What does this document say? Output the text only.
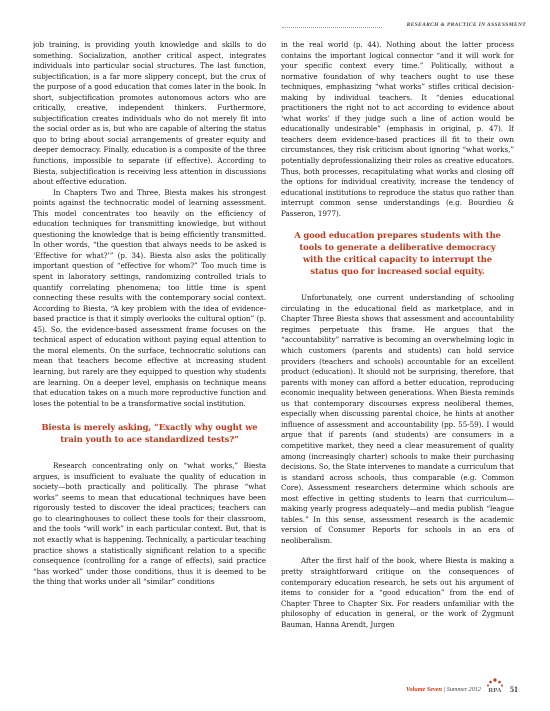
RESEARCH & PRACTICE IN ASSESSMENT

job training, is providing youth knowledge and skills to do something. Socialization, another critical aspect, integrates individuals into particular social structures. The last function, subjectification, is a far more slippery concept, but the crux of the purpose of a good education that comes later in the book. In short, subjectification promotes autonomous actors who are critically, creative, independent thinkers. Furthermore, subjectification creates individuals who do not merely fit into the social order as is, but who are capable of altering the status quo to bring about social arrangements of greater equity and deeper democracy. Finally, education is a composite of the three functions, impossible to separate (if effective). According to Biesta, subjectification is receiving less attention in discussions about effective education.

In Chapters Two and Three, Biesta makes his strongest points against the technocratic model of learning assessment. This model concentrates too heavily on the efficiency of education techniques for transmitting knowledge, but without questioning the knowledge that is being efficiently transmitted. In other words, “the question that always needs to be asked is ‘Effective for what?’” (p. 34). Biesta also asks the politically important question of “effective for whom?” Too much time is spent in laboratory settings, randomizing controlled trials to quantify correlating phenomena; too little time is spent connecting these results with the contemporary social context. According to Biesta, “A key problem with the idea of evidence-based practice is that it simply overlooks the cultural option” (p. 45). So, the evidence-based assessment frame focuses on the technical aspect of education without paying equal attention to the moral elements. On the surface, technocratic solutions can mean that teachers become effective at increasing student learning, but rarely are they equipped to question why students are learning. On a deeper level, emphasis on technique means that education takes on a much more reproductive function and loses the potential to be a transformative social institution.

Biesta is merely asking, “Exactly why ought we train youth to ace standardized tests?”

Research concentrating only on “what works,” Biesta argues, is insufficient to evaluate the quality of education in society—both practically and politically. The phrase “what works” seems to mean that educational techniques have been rigorously tested to discover the ideal practices; teachers can go to clearinghouses to collect these tools for their classroom, and the tools “will work” in each particular context. But, that is not exactly what is happening. Technically, a particular teaching practice shows a statistically significant relation to a specific consequence (controlling for a range of effects), said practice “has worked” under those conditions, thus it is deemed to be the thing that works under all “similar” conditions

in the real world (p. 44). Nothing about the latter process contains the important logical connector “and it will work for your specific context every time.” Politically, without a normative foundation of why teachers ought to use these techniques, emphasizing “what works” stifles critical decision-making by individual teachers. It “denies educational practitioners the right not to act according to evidence about ‘what works’ if they judge such a line of action would be educationally undesirable” (emphasis in original, p. 47). If teachers deem evidence-based practices ill fit to their own circumstances, they risk criticism about ignoring “what works,” potentially deprofessionalizing their roles as creative educators. Thus, both processes, recapitulating what works and closing off the options for individual creativity, increase the tendency of educational institutions to reproduce the status quo rather than interrupt common sense understandings (e.g. Bourdieu & Passeron, 1977).

A good education prepares students with the tools to generate a deliberative democracy with the critical capacity to interrupt the status quo for increased social equity.

Unfortunately, one current understanding of schooling circulating in the educational field as marketplace, and in Chapter Three Biesta shows that assessment and accountability regimes perpetuate this frame. He argues that the “accountability” narrative is becoming an overwhelming logic in which customers (parents and students) can hold service providers (teachers and schools) accountable for an excellent product (education). It should not be surprising, therefore, that parents with money can afford a better education, reproducing economic inequality between generations. When Biesta reminds us that contemporary discourses express neoliberal themes, especially when discussing parental choice, he hints at another influence of assessment and accountability (pp. 55-59). I would argue that if parents (and students) are consumers in a competitive market, they need a clear measurement of quality among (increasingly charter) schools to make their purchasing decisions. So, the State intervenes to mandate a curriculum that is standard across schools, thus comparable (e.g. Common Core). Assessment researchers determine which schools are most effective in getting students to learn that curriculum—making yearly progress adequately—and media publish “league tables.” In this sense, assessment research is the academic version of Consumer Reports for schools in an era of neoliberalism.

After the first half of the book, where Biesta is making a pretty straightforward critique on the consequences of contemporary education research, he sets out his argument of items to consider for a “good education” from the end of Chapter Three to Chapter Six. For readers unfamiliar with the philosophy of education in general, or the work of Zygmunt Bauman, Hanna Arendt, Jurgen

Volume Seven | Summer 2012 RPA 51
